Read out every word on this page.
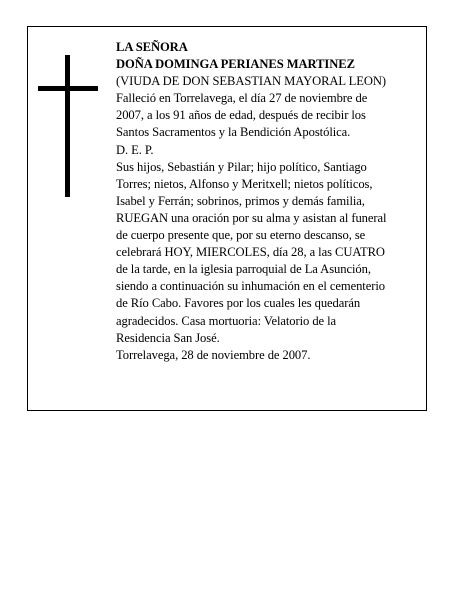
LA SEÑORA
DOÑA DOMINGA PERIANES MARTINEZ
(VIUDA DE DON SEBASTIAN MAYORAL LEON)
Falleció en Torrelavega, el día 27 de noviembre de
2007, a los 91 años de edad, después de recibir los
Santos Sacramentos y la Bendición Apostólica.
D. E. P.
Sus hijos, Sebastián y Pilar; hijo político, Santiago
Torres; nietos, Alfonso y Meritxell; nietos políticos,
Isabel y Ferrán; sobrinos, primos y demás familia,
RUEGAN una oración por su alma y asistan al funeral
de cuerpo presente que, por su eterno descanso, se
celebrará HOY, MIERCOLES, día 28, a las CUATRO
de la tarde, en la iglesia parroquial de La Asunción,
siendo a continuación su inhumación en el cementerio
de Río Cabo. Favores por los cuales les quedarán
agradecidos. Casa mortuoria: Velatorio de la
Residencia San José.
Torrelavega, 28 de noviembre de 2007.
